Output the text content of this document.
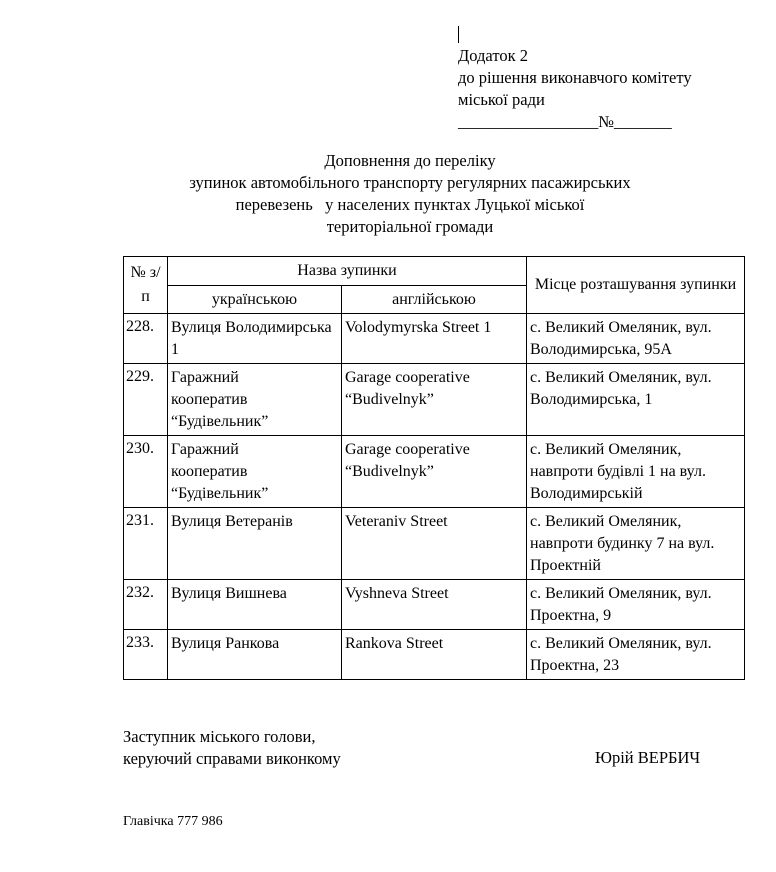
Додаток 2
до рішення виконавчого комітету
міської ради
_________________№_______
Доповнення до переліку
зупинок автомобільного транспорту регулярних пасажирських
перевезень   у населених пунктах Луцької міської
територіальної громади
№ з/п	Назва зупинки		Місце розташування зупинки
	українською	англійською	
228.	Вулиця Володимирська 1	Volodymyrska Street 1	с. Великий Омеляник, вул. Володимирська, 95А
229.	Гаражний кооператив “Будівельник”	Garage cooperative “Budivelnyk”	с. Великий Омеляник, вул. Володимирська, 1
230.	Гаражний кооператив “Будівельник”	Garage cooperative “Budivelnyk”	с. Великий Омеляник, навпроти будівлі 1 на вул. Володимирській
231.	Вулиця Ветеранів	Veteraniv Street	с. Великий Омеляник, навпроти будинку 7 на вул. Проектній
232.	Вулиця Вишнева	Vyshneva Street	с. Великий Омеляник, вул. Проектна, 9
233.	Вулиця Ранкова	Rankova Street	с. Великий Омеляник, вул. Проектна, 23
Заступник міського голови,
керуючий справами виконкому	Юрій ВЕРБИЧ
Главічка 777 986
